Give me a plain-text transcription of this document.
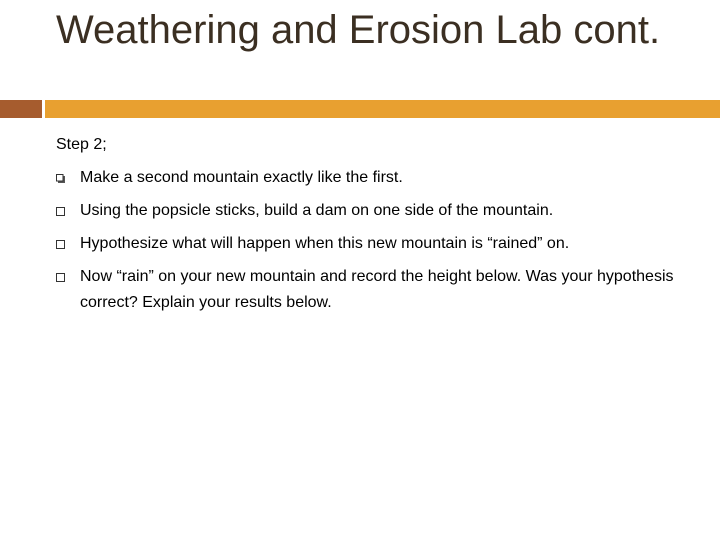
Weathering and Erosion Lab cont.

Step 2;

Make a second mountain exactly like the first.
Using the popsicle sticks, build a dam on one side of the mountain.
Hypothesize what will happen when this new mountain is “rained” on.
Now “rain” on your new mountain and record the height below. Was your hypothesis correct? Explain your results below.
